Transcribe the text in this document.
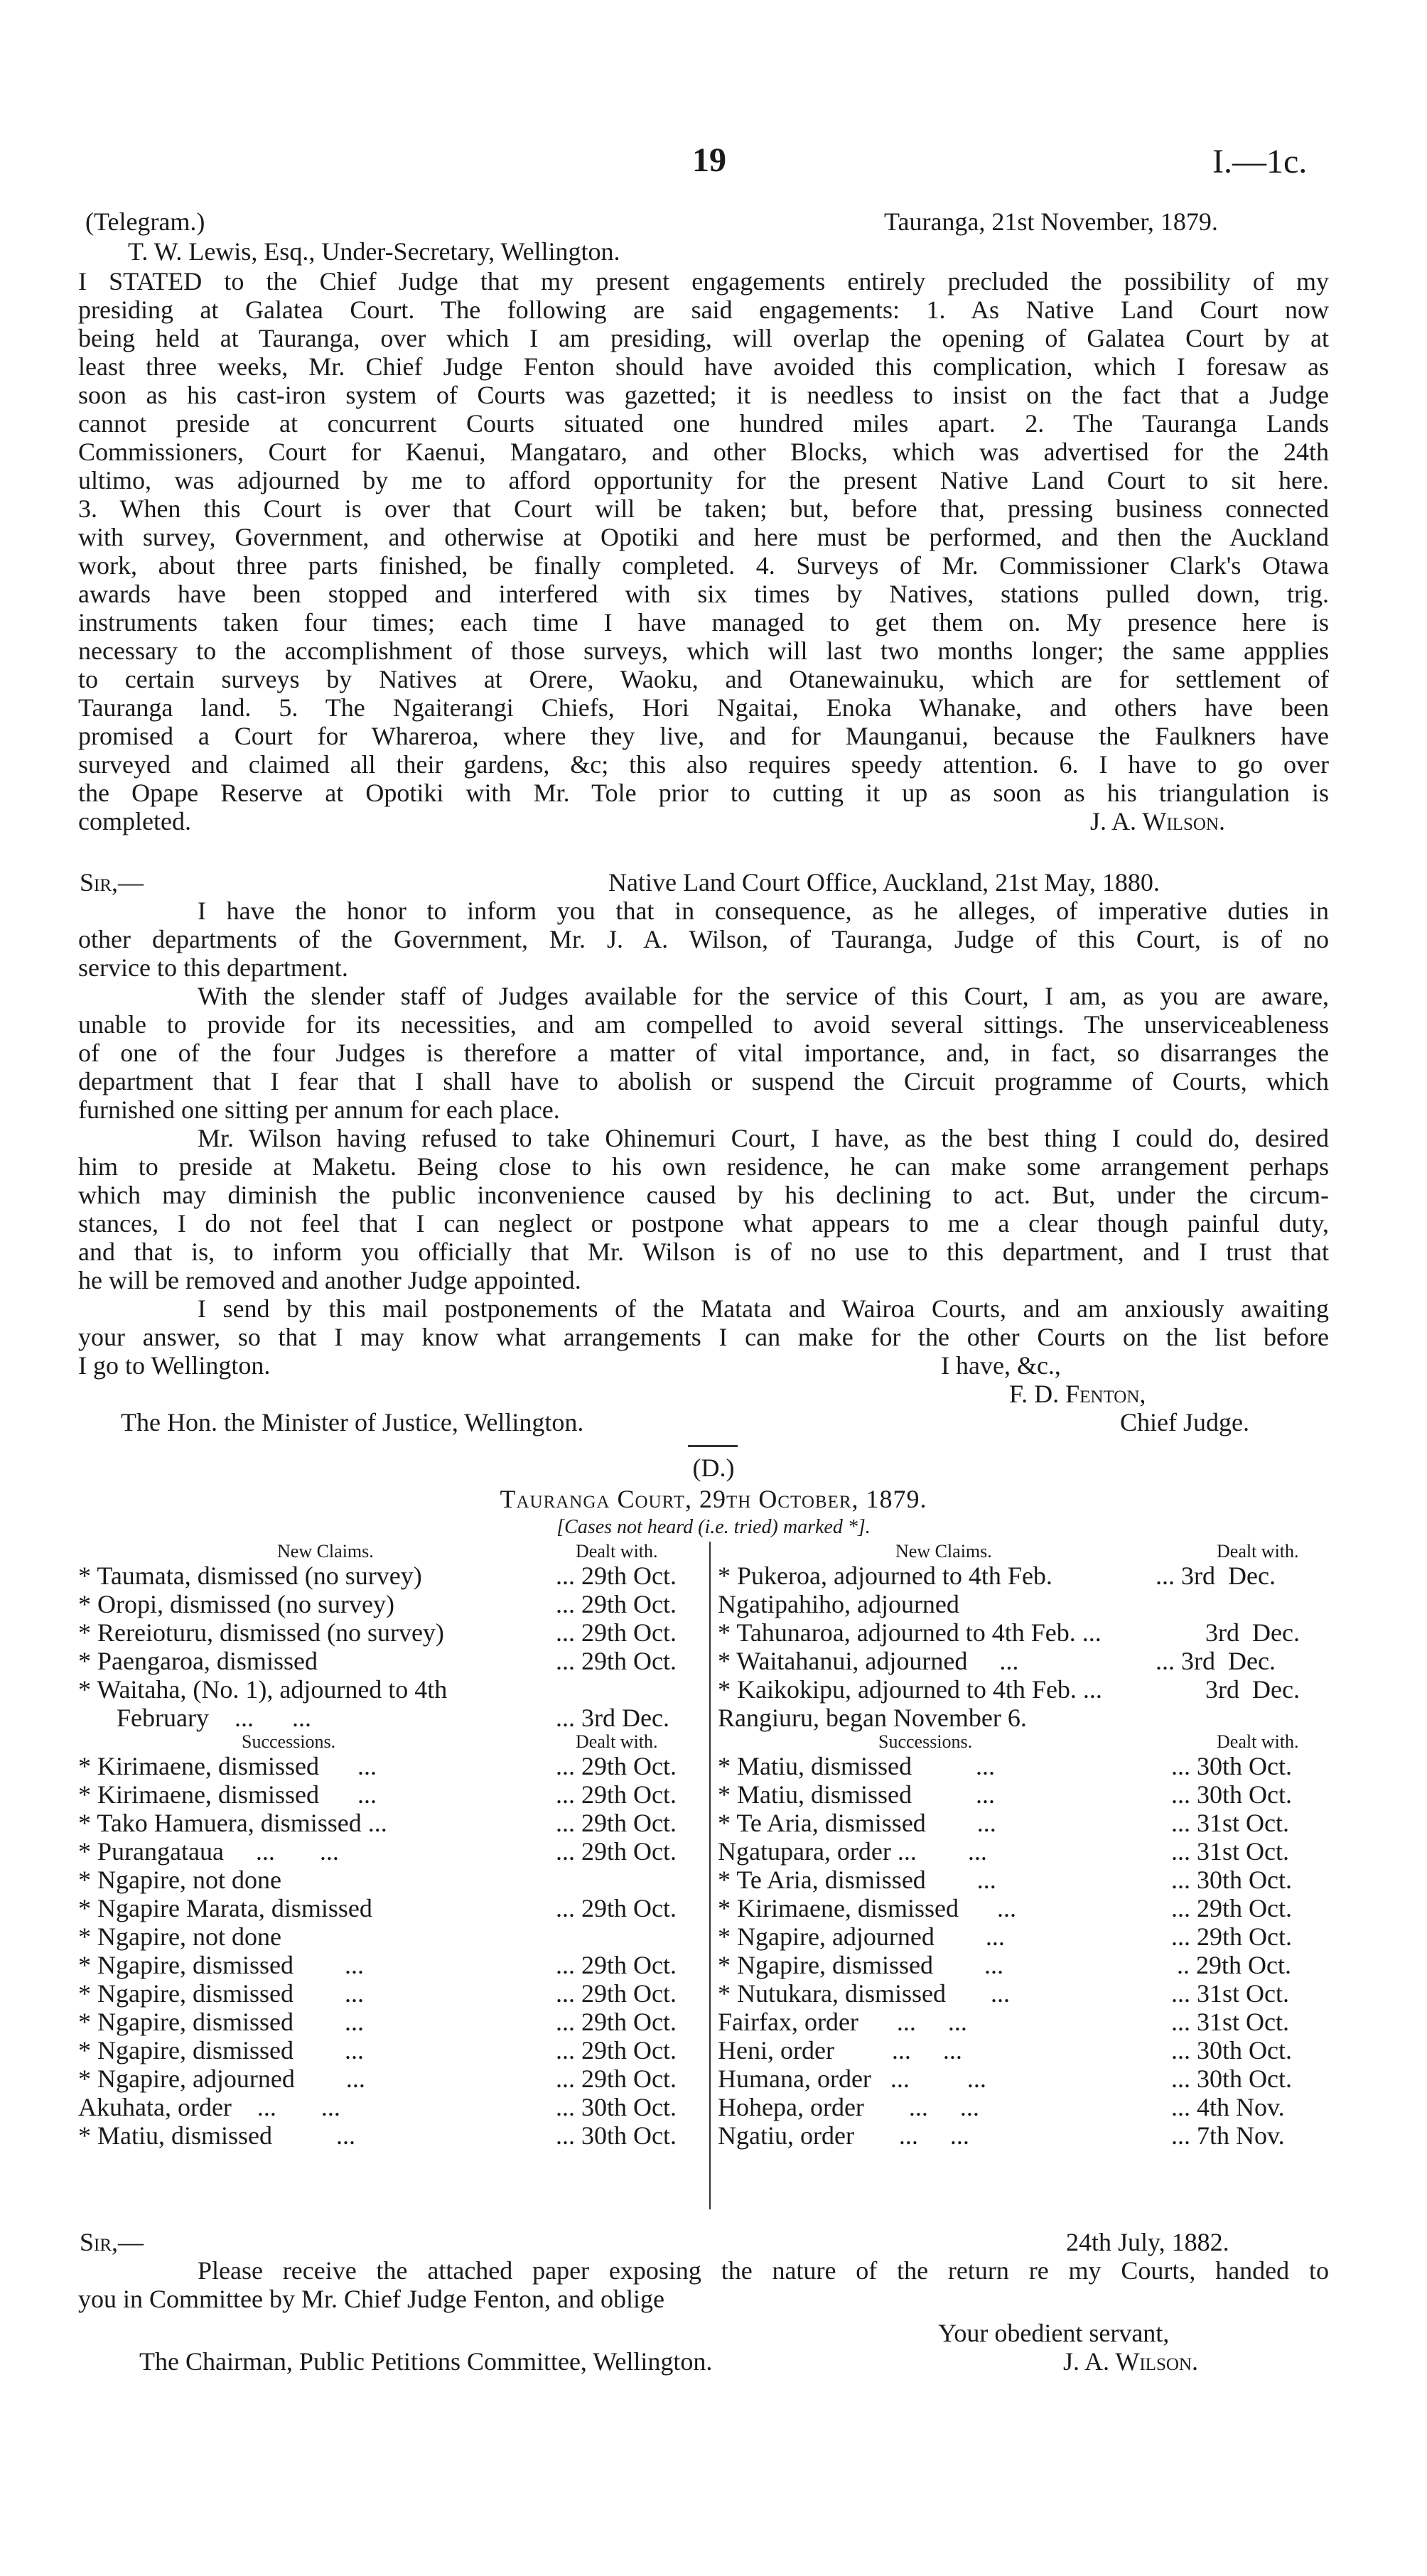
19	I.—1c.
(Telegram.)	Tauranga, 21st November, 1879.
T. W. Lewis, Esq., Under-Secretary, Wellington.
I STATED to the Chief Judge that my present engagements entirely precluded the possibility of my
presiding at Galatea Court. The following are said engagements: 1. As Native Land Court now
being held at Tauranga, over which I am presiding, will overlap the opening of Galatea Court by at
least three weeks, Mr. Chief Judge Fenton should have avoided this complication, which I foresaw as
soon as his cast-iron system of Courts was gazetted; it is needless to insist on the fact that a Judge
cannot preside at concurrent Courts situated one hundred miles apart. 2. The Tauranga Lands
Commissioners, Court for Kaenui, Mangataro, and other Blocks, which was advertised for the 24th
ultimo, was adjourned by me to afford opportunity for the present Native Land Court to sit here.
3. When this Court is over that Court will be taken; but, before that, pressing business connected
with survey, Government, and otherwise at Opotiki and here must be performed, and then the Auckland
work, about three parts finished, be finally completed. 4. Surveys of Mr. Commissioner Clark's Otawa
awards have been stopped and interfered with six times by Natives, stations pulled down, trig.
instruments taken four times; each time I have managed to get them on. My presence here is
necessary to the accomplishment of those surveys, which will last two months longer; the same appplies
to certain surveys by Natives at Orere, Waoku, and Otanewainuku, which are for settlement of
Tauranga land. 5. The Ngaiterangi Chiefs, Hori Ngaitai, Enoka Whanake, and others have been
promised a Court for Whareroa, where they live, and for Maunganui, because the Faulkners have
surveyed and claimed all their gardens, &c; this also requires speedy attention. 6. I have to go over
the Opape Reserve at Opotiki with Mr. Tole prior to cutting it up as soon as his triangulation is
completed.	J. A. Wilson.
Sir,—	Native Land Court Office, Auckland, 21st May, 1880.
I have the honor to inform you that in consequence, as he alleges, of imperative duties in
other departments of the Government, Mr. J. A. Wilson, of Tauranga, Judge of this Court, is of no
service to this department.
With the slender staff of Judges available for the service of this Court, I am, as you are aware,
unable to provide for its necessities, and am compelled to avoid several sittings. The unserviceableness
of one of the four Judges is therefore a matter of vital importance, and, in fact, so disarranges the
department that I fear that I shall have to abolish or suspend the Circuit programme of Courts, which
furnished one sitting per annum for each place.
Mr. Wilson having refused to take Ohinemuri Court, I have, as the best thing I could do, desired
him to preside at Maketu. Being close to his own residence, he can make some arrangement perhaps
which may diminish the public inconvenience caused by his declining to act. But, under the circum-
stances, I do not feel that I can neglect or postpone what appears to me a clear though painful duty,
and that is, to inform you officially that Mr. Wilson is of no use to this department, and I trust that
he will be removed and another Judge appointed.
I send by this mail postponements of the Matata and Wairoa Courts, and am anxiously awaiting
your answer, so that I may know what arrangements I can make for the other Courts on the list before
I go to Wellington.	I have, &c.,
F. D. Fenton,
The Hon. the Minister of Justice, Wellington.	Chief Judge.
(D.)
Tauranga Court, 29th October, 1879.
[Cases not heard (i.e. tried) marked *].
New Claims.	Dealt with.
* Taumata, dismissed (no survey)	... 29th Oct.
* Oropi, dismissed (no survey)	... 29th Oct.
* Rereioturu, dismissed (no survey)	... 29th Oct.
* Paengaroa, dismissed	... 29th Oct.
* Waitaha, (No. 1), adjourned to 4th
February    ...      ...	... 3rd Dec.
Successions.	Dealt with.
* Kirimaene, dismissed      ...	... 29th Oct.
* Kirimaene, dismissed      ...	... 29th Oct.
* Tako Hamuera, dismissed ...	... 29th Oct.
* Purangataua     ...       ...	... 29th Oct.
* Ngapire, not done
* Ngapire Marata, dismissed	... 29th Oct.
* Ngapire, not done
* Ngapire, dismissed        ...	... 29th Oct.
* Ngapire, dismissed        ...	... 29th Oct.
* Ngapire, dismissed        ...	... 29th Oct.
* Ngapire, dismissed        ...	... 29th Oct.
* Ngapire, adjourned        ...	... 29th Oct.
Akuhata, order    ...       ...	... 30th Oct.
* Matiu, dismissed          ...	... 30th Oct.
New Claims.	Dealt with.
* Pukeroa, adjourned to 4th Feb.	... 3rd  Dec.
Ngatipahiho, adjourned
* Tahunaroa, adjourned to 4th Feb. ...	3rd  Dec.
* Waitahanui, adjourned     ...	... 3rd  Dec.
* Kaikokipu, adjourned to 4th Feb. ...	3rd  Dec.
Rangiuru, began November 6.
Successions.	Dealt with.
* Matiu, dismissed          ...	... 30th Oct.
* Matiu, dismissed          ...	... 30th Oct.
* Te Aria, dismissed        ...	... 31st Oct.
Ngatupara, order ...        ...	... 31st Oct.
* Te Aria, dismissed        ...	... 30th Oct.
* Kirimaene, dismissed      ...	... 29th Oct.
* Ngapire, adjourned        ...	... 29th Oct.
* Ngapire, dismissed        ...	.. 29th Oct.
* Nutukara, dismissed       ...	... 31st Oct.
Fairfax, order      ...     ...	... 31st Oct.
Heni, order         ...     ...	... 30th Oct.
Humana, order   ...         ...	... 30th Oct.
Hohepa, order       ...     ...	... 4th Nov.
Ngatiu, order       ...     ...	... 7th Nov.
Sir,—	24th July, 1882.
Please receive the attached paper exposing the nature of the return re my Courts, handed to
you in Committee by Mr. Chief Judge Fenton, and oblige
Your obedient servant,
The Chairman, Public Petitions Committee, Wellington.	J. A. Wilson.
